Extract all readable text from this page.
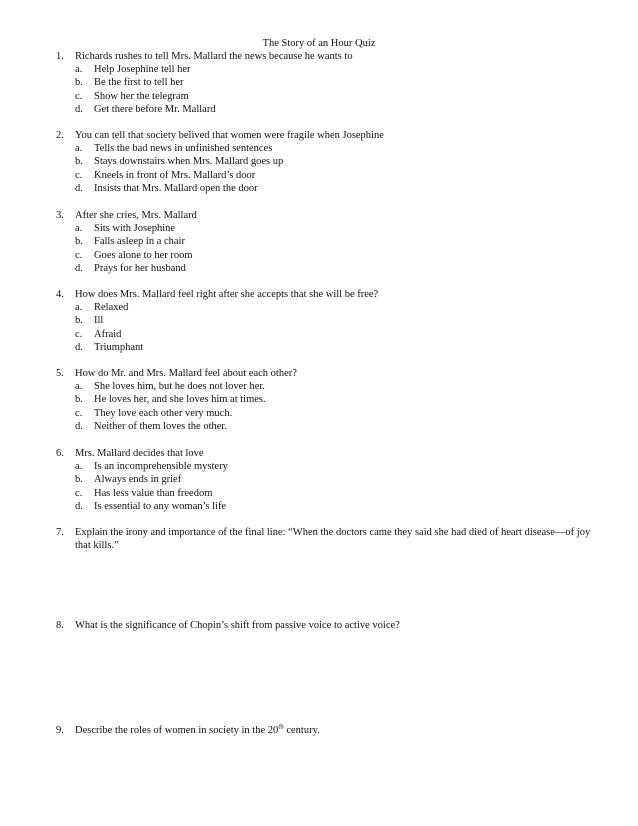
The Story of an Hour Quiz
1.	Richards rushes to tell Mrs. Mallard the news because he wants to
a.	Help Josephine tell her
b.	Be the first to tell her
c.	Show her the telegram
d.	Get there before Mr. Mallard
2.	You can tell that society belived that women were fragile when Josephine
a.	Tells the bad news in unfinished sentences
b.	Stays downstairs when Mrs. Mallard goes up
c.	Kneels in front of Mrs. Mallard’s door
d.	Insists that Mrs. Mallard open the door
3.	After she cries, Mrs. Mallard
a.	Sits with Josephine
b.	Falls asleep in a chair
c.	Goes alone to her room
d.	Prays for her husband
4.	How does Mrs. Mallard feel right after she accepts that she will be free?
a.	Relaxed
b.	Ill
c.	Afraid
d.	Triumphant
5.	How do Mr. and Mrs. Mallard feel about each other?
a.	She loves him, but he does not lover her.
b.	He loves her, and she loves him at times.
c.	They love each other very much.
d.	Neither of them loves the other.
6.	Mrs. Mallard decides that love
a.	Is an incomprehensible mystery
b.	Always ends in grief
c.	Has less value than freedom
d.	Is essential to any woman’s life
7.	Explain the irony and importance of the final line: “When the doctors came they said she had died of heart disease—of joy that kills.”
8.	What is the significance of Chopin’s shift from passive voice to active voice?
9.	Describe the roles of women in society in the 20th century.
